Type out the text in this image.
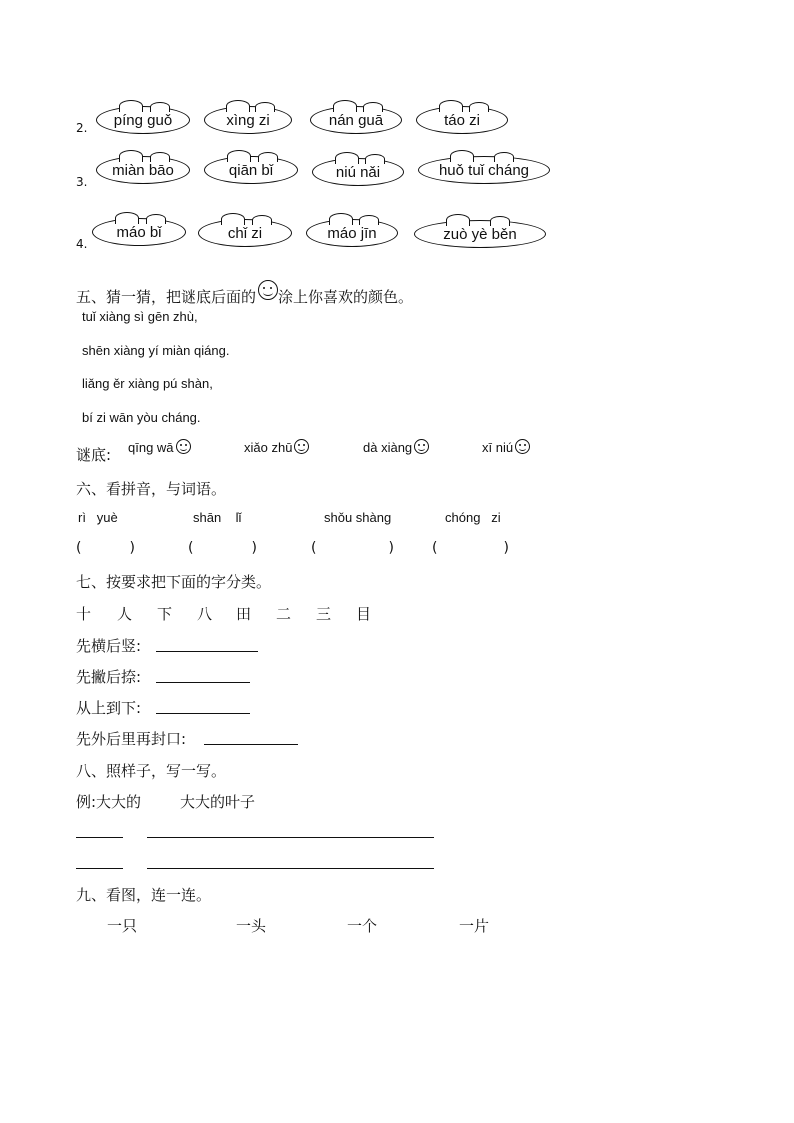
2. píng guǒ	xìng zi	nán guā	táo zi
3.
miàn bāo	qiān bǐ	niú nǎi	huǒ tuǐ cháng
4.
máo bǐ	chǐ zi	máo jīn	zuò yè běn
五、猜一猜，把谜底后面的 涂上你喜欢的颜色。
tuǐ xiàng sì gēn zhù,
shēn xiàng yí miàn qiáng.
liǎng ěr xiàng pú shàn,
bí zi wān yòu cháng.
谜底: qīng wā	xiǎo zhū	dà xiàng	xī niú
六、看拼音，与词语。
rì   yuè	shān    lǐ	shǒu shàng	chóng   zi
(	)	(	)	(	)	(	)
七、按要求把下面的字分类。
十 人 下 八 田 二 三 目
先横后竖:
先撇后捺:
从上到下:
先外后里再封口:
八、照样子，写一写。
例:大大的	大大的叶子
九、看图，连一连。
一只	一头	一个	一片
